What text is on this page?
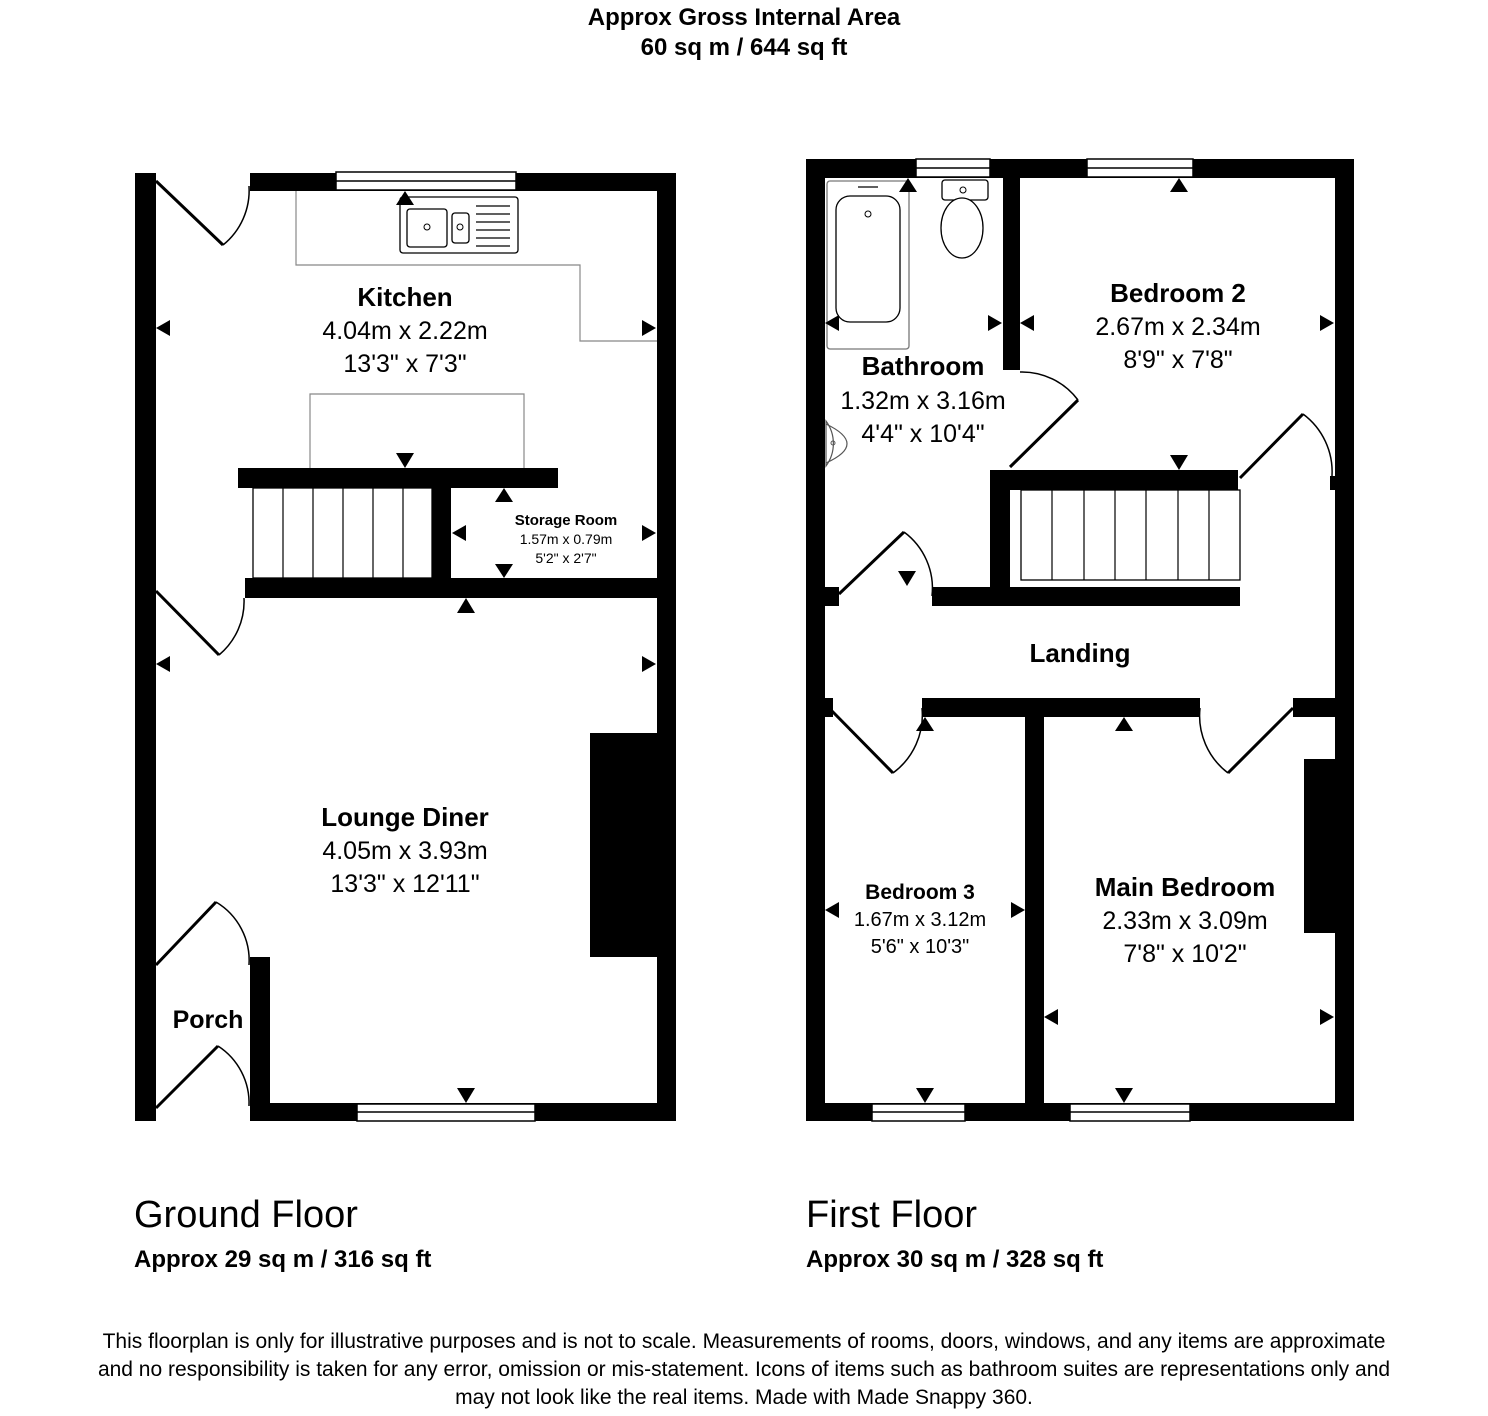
Approx Gross Internal Area
60 sq m / 644 sq ft
Kitchen
4.04m x 2.22m
13'3" x 7'3"
Storage Room
1.57m x 0.79m
5'2" x 2'7"
Lounge Diner
4.05m x 3.93m
13'3" x 12'11"
Porch
Bathroom
1.32m x 3.16m
4'4" x 10'4"
Bedroom 2
2.67m x 2.34m
8'9" x 7'8"
Landing
Bedroom 3
1.67m x 3.12m
5'6" x 10'3"
Main Bedroom
2.33m x 3.09m
7'8" x 10'2"
Ground Floor
Approx 29 sq m / 316 sq ft
First Floor
Approx 30 sq m / 328 sq ft
This floorplan is only for illustrative purposes and is not to scale. Measurements of rooms, doors, windows, and any items are approximate
and no responsibility is taken for any error, omission or mis-statement. Icons of items such as bathroom suites are representations only and
may not look like the real items. Made with Made Snappy 360.
